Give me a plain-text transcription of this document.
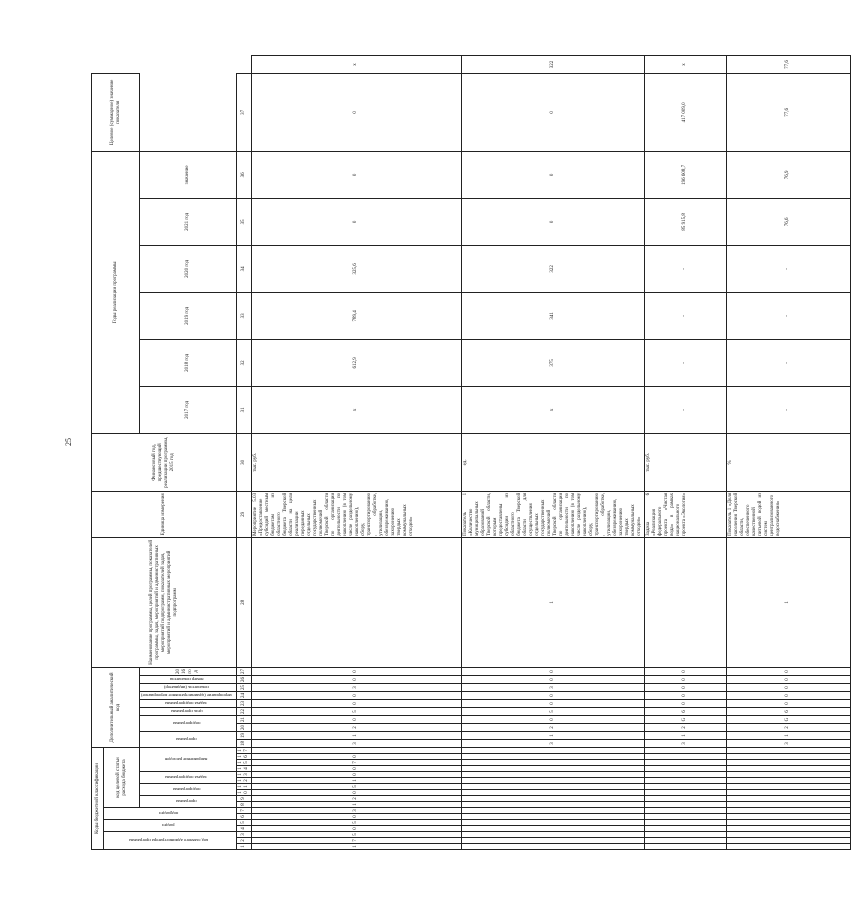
25
Коды бюджетной классификации																	Дополнительный аналитический код										Наименование программы, целей программы, показателей программы, задач, мероприятий и административных мероприятий подпрограмм, показателей задач, мероприятий и административных мероприятий подпрограмм	Единица измерения	Финансовый год, предшествующий реализации программы, 2015 год	Годы реализации программы						Целевое (суммарное) значение показателя	
код главного администратора программы			раздел		подраздел		код целевой статьи расхода бюджета																														
							программа		подпрограмма		задача подпрограммы		направление расходов				программа		подпрограмма		цель программы	задача подпрограммы	мероприятие (административное мероприятие)	показатель (индикатор)	номер показателя	2016 год				2017 год	2018 год	2019 год	2020 год	2021 год	значение		
1	2	3	4	5	6	7	8	9	10	11	12	13	14	15	16	17	18	19	20	21	22	23	24	25	26	27	28	29	30	31	32	33	34	35	36	37	
1	7	5	0	5	0	3	1	2	0	5	1	0	0	7	0		3	1	2	0	5	0	0	3	0	0		Мероприятие 5.03 «Предоставление субсидий местным бюджетам из областного бюджета Тверской области на цели реализации переданных отдельных государственных полномочий Тверской области по организации деятельности по накоплению (в том числе раздельному накоплению), сбору, транспортированию, обработке, утилизации, обезвреживанию, захоронению твердых коммунальных отходов»	тыс. руб.	х	612,9	789,4	325,6	0	0	0	х
																	3	1	2	0	5	0	0	3	0	0	1	Показатель 1 «Количество муниципальных образований Тверской области, которым предоставлены субсидии из областного бюджета Тверской области для осуществления отдельных государственных полномочий Тверской области по организации деятельности по накоплению (в том числе раздельному накоплению), сбору, транспортированию, обработке, утилизации, обезвреживанию, захоронению твердых коммунальных отходов»	ед.	х	375	341	322	0	0	0	322
																	3	1	2	G	6	0	0	0	0	0		Задача 6 «Реализация федерального проекта «Чистая вода» в рамках национального проекта «Экология»	тыс. руб.	-	-	-	-	85 915,8	196 608,7	417 009,0	х
																	3	1	2	G	6	0	0	0	0	0	1	Показатель 1 «Доля населения Тверской области, обеспеченного качественной питьевой водой из систем централизованного водоснабжения»	%	-	-	-	-	76,6	76,9	77,6	77,6
